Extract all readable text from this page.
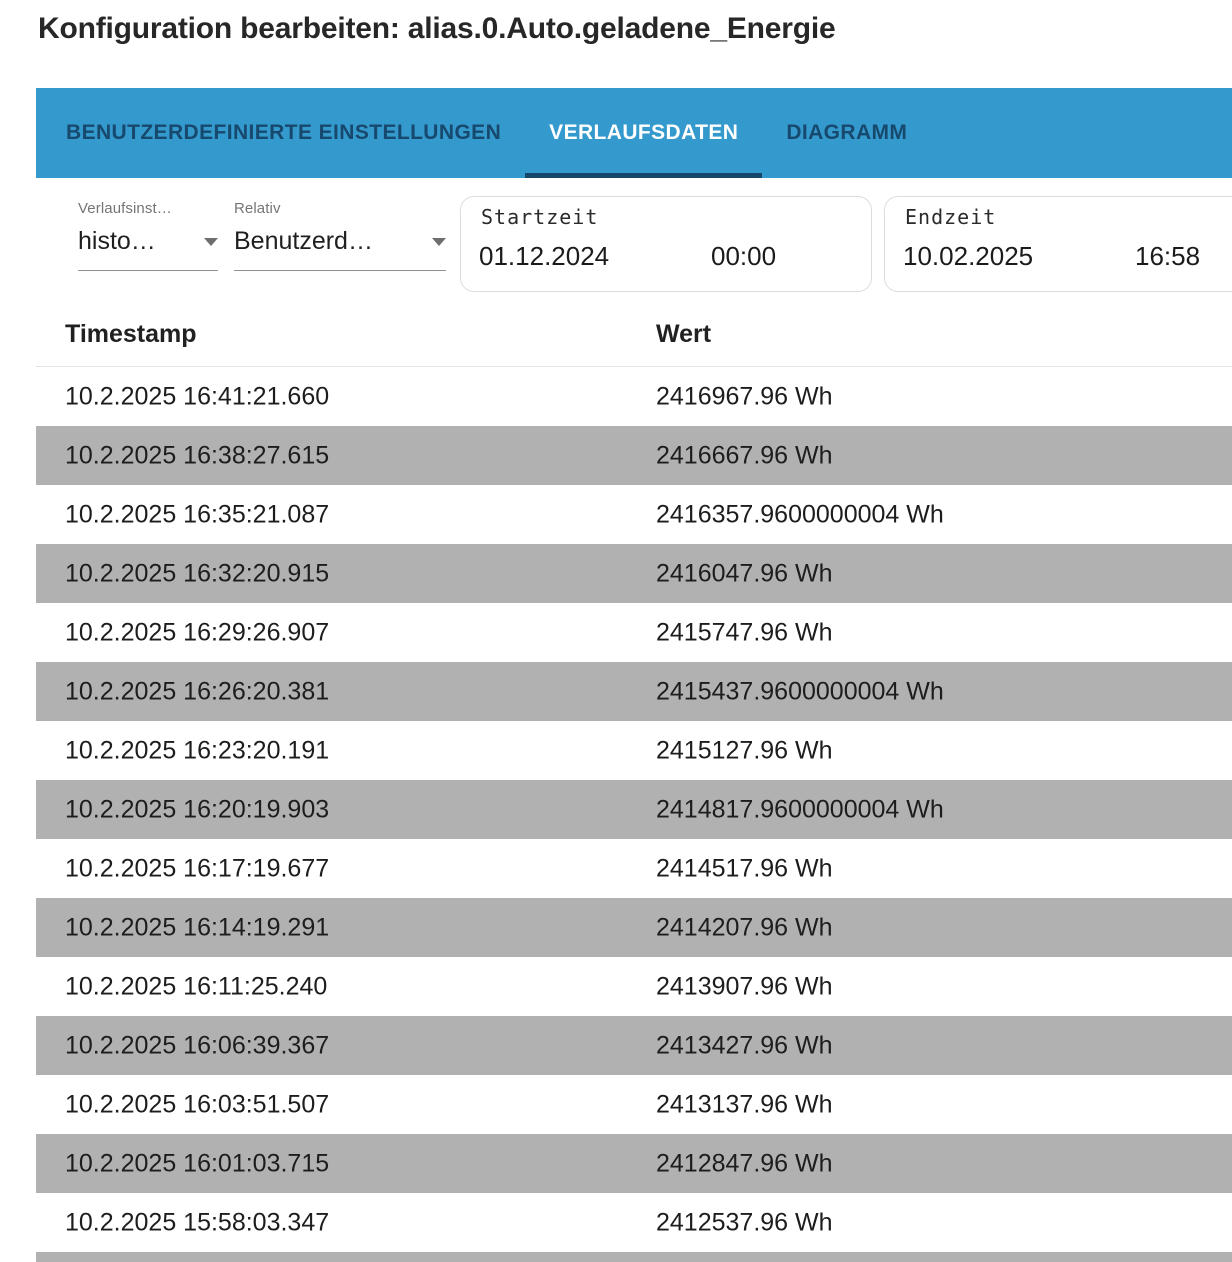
Konfiguration bearbeiten: alias.0.Auto.geladene_Energie
BENUTZERDEFINIERTE EINSTELLUNGEN	VERLAUFSDATEN	DIAGRAMM
Verlaufsinst…
histo…
Relativ
Benutzerd…
Startzeit
01.12.2024	00:00
Endzeit
10.02.2025	16:58
Timestamp	Wert
10.2.2025 16:41:21.660	2416967.96 Wh
10.2.2025 16:38:27.615	2416667.96 Wh
10.2.2025 16:35:21.087	2416357.9600000004 Wh
10.2.2025 16:32:20.915	2416047.96 Wh
10.2.2025 16:29:26.907	2415747.96 Wh
10.2.2025 16:26:20.381	2415437.9600000004 Wh
10.2.2025 16:23:20.191	2415127.96 Wh
10.2.2025 16:20:19.903	2414817.9600000004 Wh
10.2.2025 16:17:19.677	2414517.96 Wh
10.2.2025 16:14:19.291	2414207.96 Wh
10.2.2025 16:11:25.240	2413907.96 Wh
10.2.2025 16:06:39.367	2413427.96 Wh
10.2.2025 16:03:51.507	2413137.96 Wh
10.2.2025 16:01:03.715	2412847.96 Wh
10.2.2025 15:58:03.347	2412537.96 Wh
